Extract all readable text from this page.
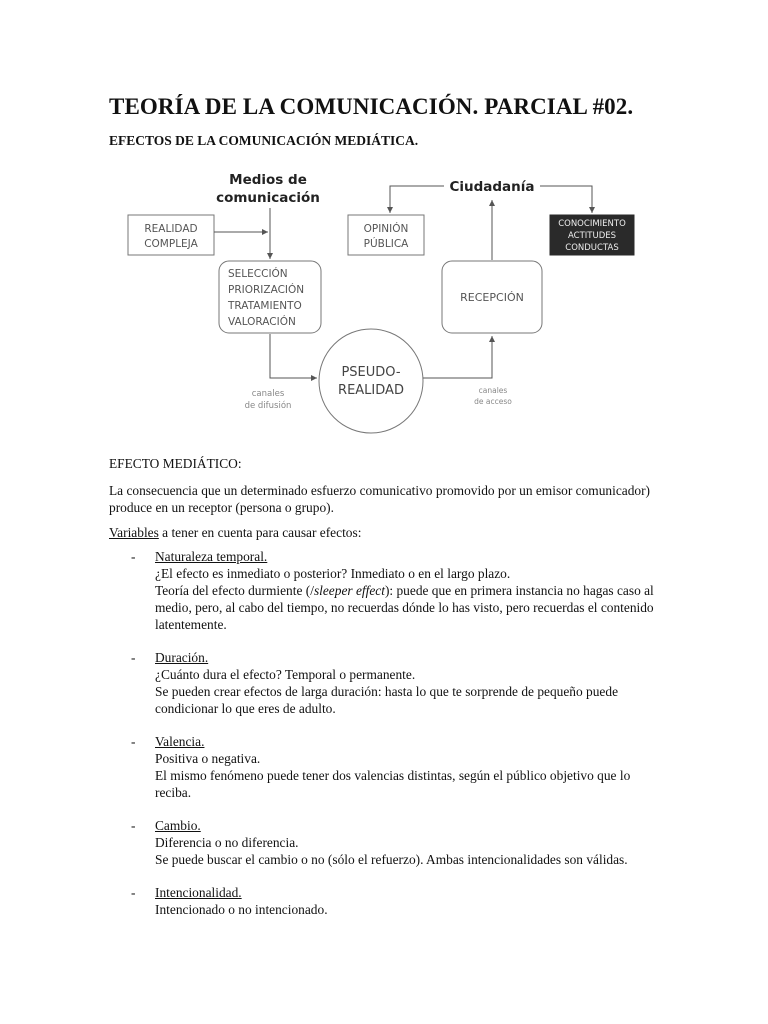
TEORÍA DE LA COMUNICACIÓN. PARCIAL #02.
EFECTOS DE LA COMUNICACIÓN MEDIÁTICA.
Medios de
comunicación
Ciudadanía
REALIDAD
COMPLEJA
SELECCIÓN
PRIORIZACIÓN
TRATAMIENTO
VALORACIÓN
OPINIÓN
PÚBLICA
CONOCIMIENTO
ACTITUDES
CONDUCTAS
RECEPCIÓN
PSEUDO-
REALIDAD
canales
de difusión
canales
de acceso
EFECTO MEDIÁTICO:
La consecuencia que un determinado esfuerzo comunicativo promovido por un emisor comunicador) produce en un receptor (persona o grupo).
Variables a tener en cuenta para causar efectos:
- Naturaleza temporal.

¿El efecto es inmediato o posterior? Inmediato o en el largo plazo.

Teoría del efecto durmiente (/sleeper effect): puede que en primera instancia no hagas caso al medio, pero, al cabo del tiempo, no recuerdas dónde lo has visto, pero recuerdas el contenido latentemente.

- Duración.

¿Cuánto dura el efecto? Temporal o permanente.

Se pueden crear efectos de larga duración: hasta lo que te sorprende de pequeño puede condicionar lo que eres de adulto.

- Valencia.

Positiva o negativa.

El mismo fenómeno puede tener dos valencias distintas, según el público objetivo que lo reciba.

- Cambio.

Diferencia o no diferencia.

Se puede buscar el cambio o no (sólo el refuerzo). Ambas intencionalidades son válidas.

- Intencionalidad.

Intencionado o no intencionado.
